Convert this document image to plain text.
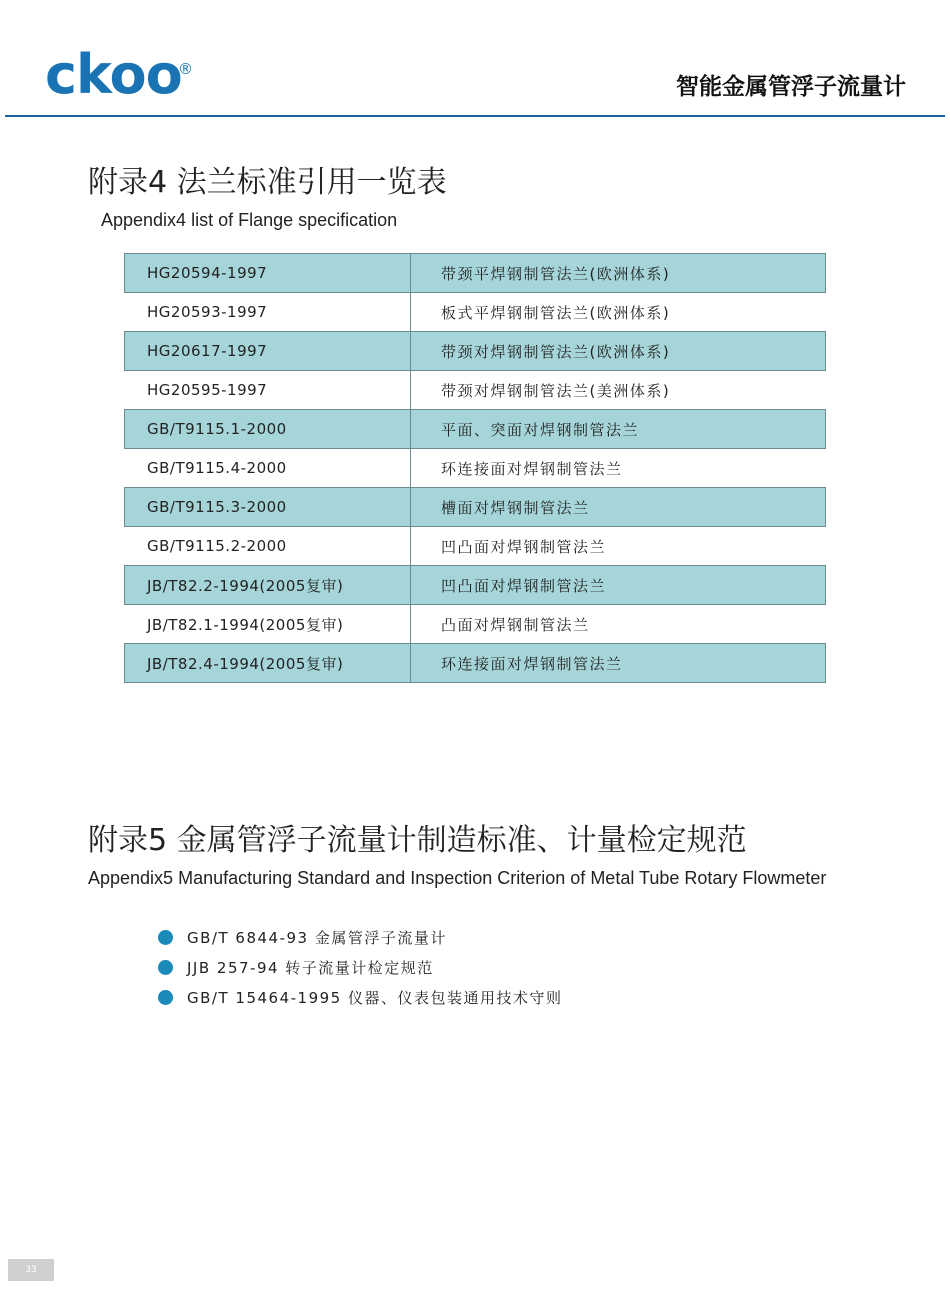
ckoo
®
智能金属管浮子流量计
附录4 法兰标准引用一览表
Appendix4 list of Flange specification
HG20594-1997	带颈平焊钢制管法兰(欧洲体系)
HG20593-1997	板式平焊钢制管法兰(欧洲体系)
HG20617-1997	带颈对焊钢制管法兰(欧洲体系)
HG20595-1997	带颈对焊钢制管法兰(美洲体系)
GB/T9115.1-2000	平面、突面对焊钢制管法兰
GB/T9115.4-2000	环连接面对焊钢制管法兰
GB/T9115.3-2000	槽面对焊钢制管法兰
GB/T9115.2-2000	凹凸面对焊钢制管法兰
JB/T82.2-1994(2005复审)	凹凸面对焊钢制管法兰
JB/T82.1-1994(2005复审)	凸面对焊钢制管法兰
JB/T82.4-1994(2005复审)	环连接面对焊钢制管法兰
附录5 金属管浮子流量计制造标准、计量检定规范
Appendix5 Manufacturing Standard and Inspection Criterion of Metal Tube Rotary Flowmeter
GB/T 6844-93 金属管浮子流量计
JJB 257-94 转子流量计检定规范
GB/T 15464-1995 仪器、仪表包装通用技术守则
33
